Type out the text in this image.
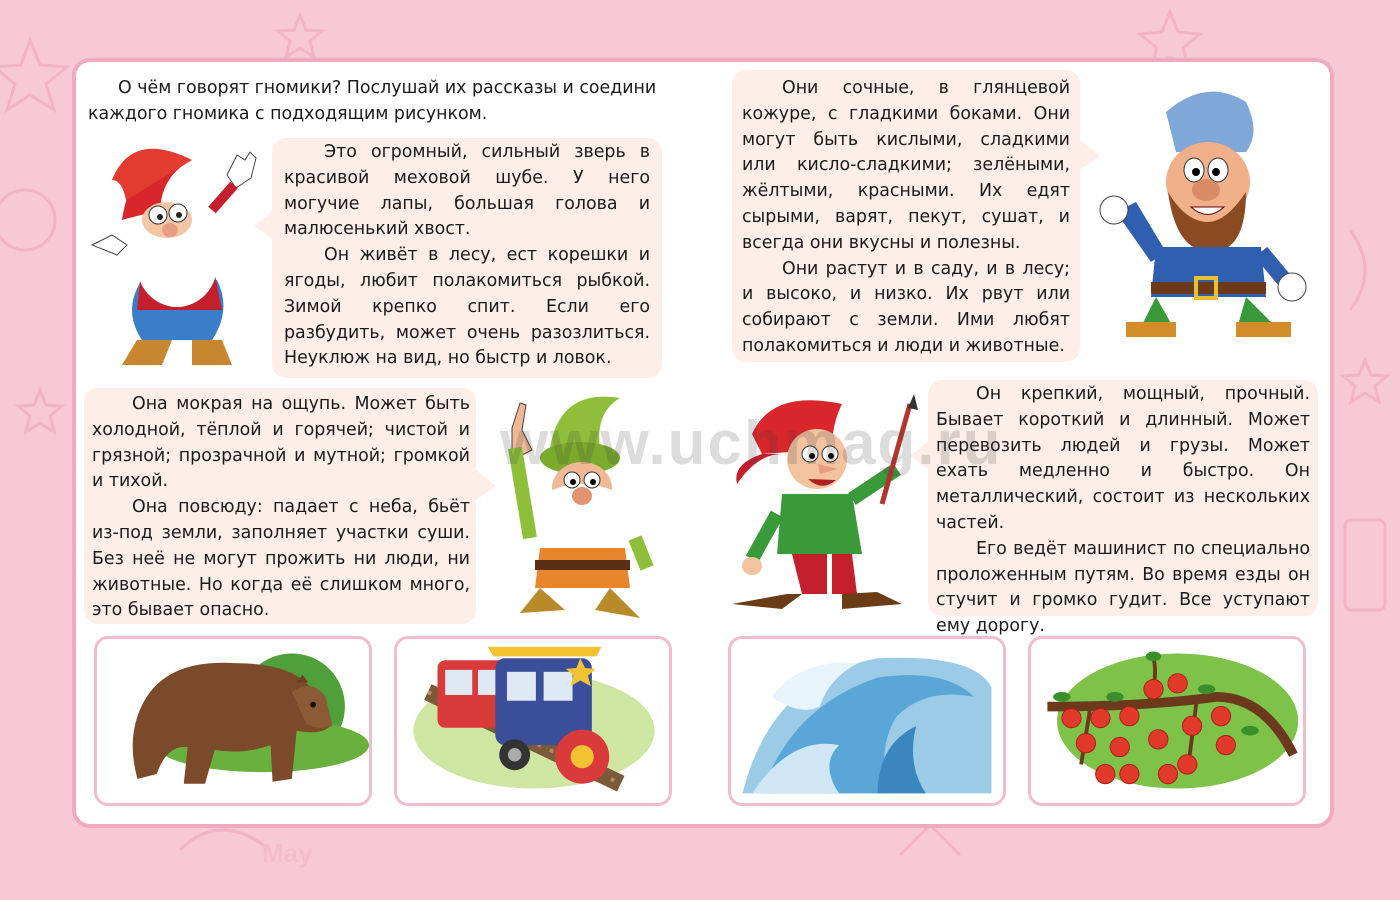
May

О чём говорят гномики? Послушай их рассказы и соедини

каждого гномика с подходящим рисунком.

Это огромный, сильный зверь в красивой меховой шубе. У него могучие лапы, большая голова и малюсенький хвост.

Он живёт в лесу, ест корешки и ягоды, любит полакомиться рыбкой. Зимой крепко спит. Если его разбудить, может очень разозлиться. Неуклюж на вид, но быстр и ловок.

Они сочные, в глянцевой кожуре, с гладкими боками. Они могут быть кислыми, сладкими или кисло-сладкими; зелёными, жёлтыми, красными. Их едят сырыми, варят, пекут, сушат, и всегда они вкусны и полезны.

Они растут и в саду, и в лесу; и высоко, и низко. Их рвут или собирают с земли. Ими любят полакомиться и люди и животные.

Она мокрая на ощупь. Может быть холодной, тёплой и горячей; чистой и грязной; прозрачной и мутной; громкой и тихой.

Она повсюду: падает с неба, бьёт из-под земли, заполняет участки суши. Без неё не могут прожить ни люди, ни животные. Но когда её слишком много, это бывает опасно.

Он крепкий, мощный, прочный. Бывает короткий и длинный. Может перевозить людей и грузы. Может ехать медленно и быстро. Он металлический, состоит из нескольких частей.

Его ведёт машинист по специально проложенным путям. Во время езды он стучит и громко гудит. Все уступают ему дорогу.

www.uchmag.ru
